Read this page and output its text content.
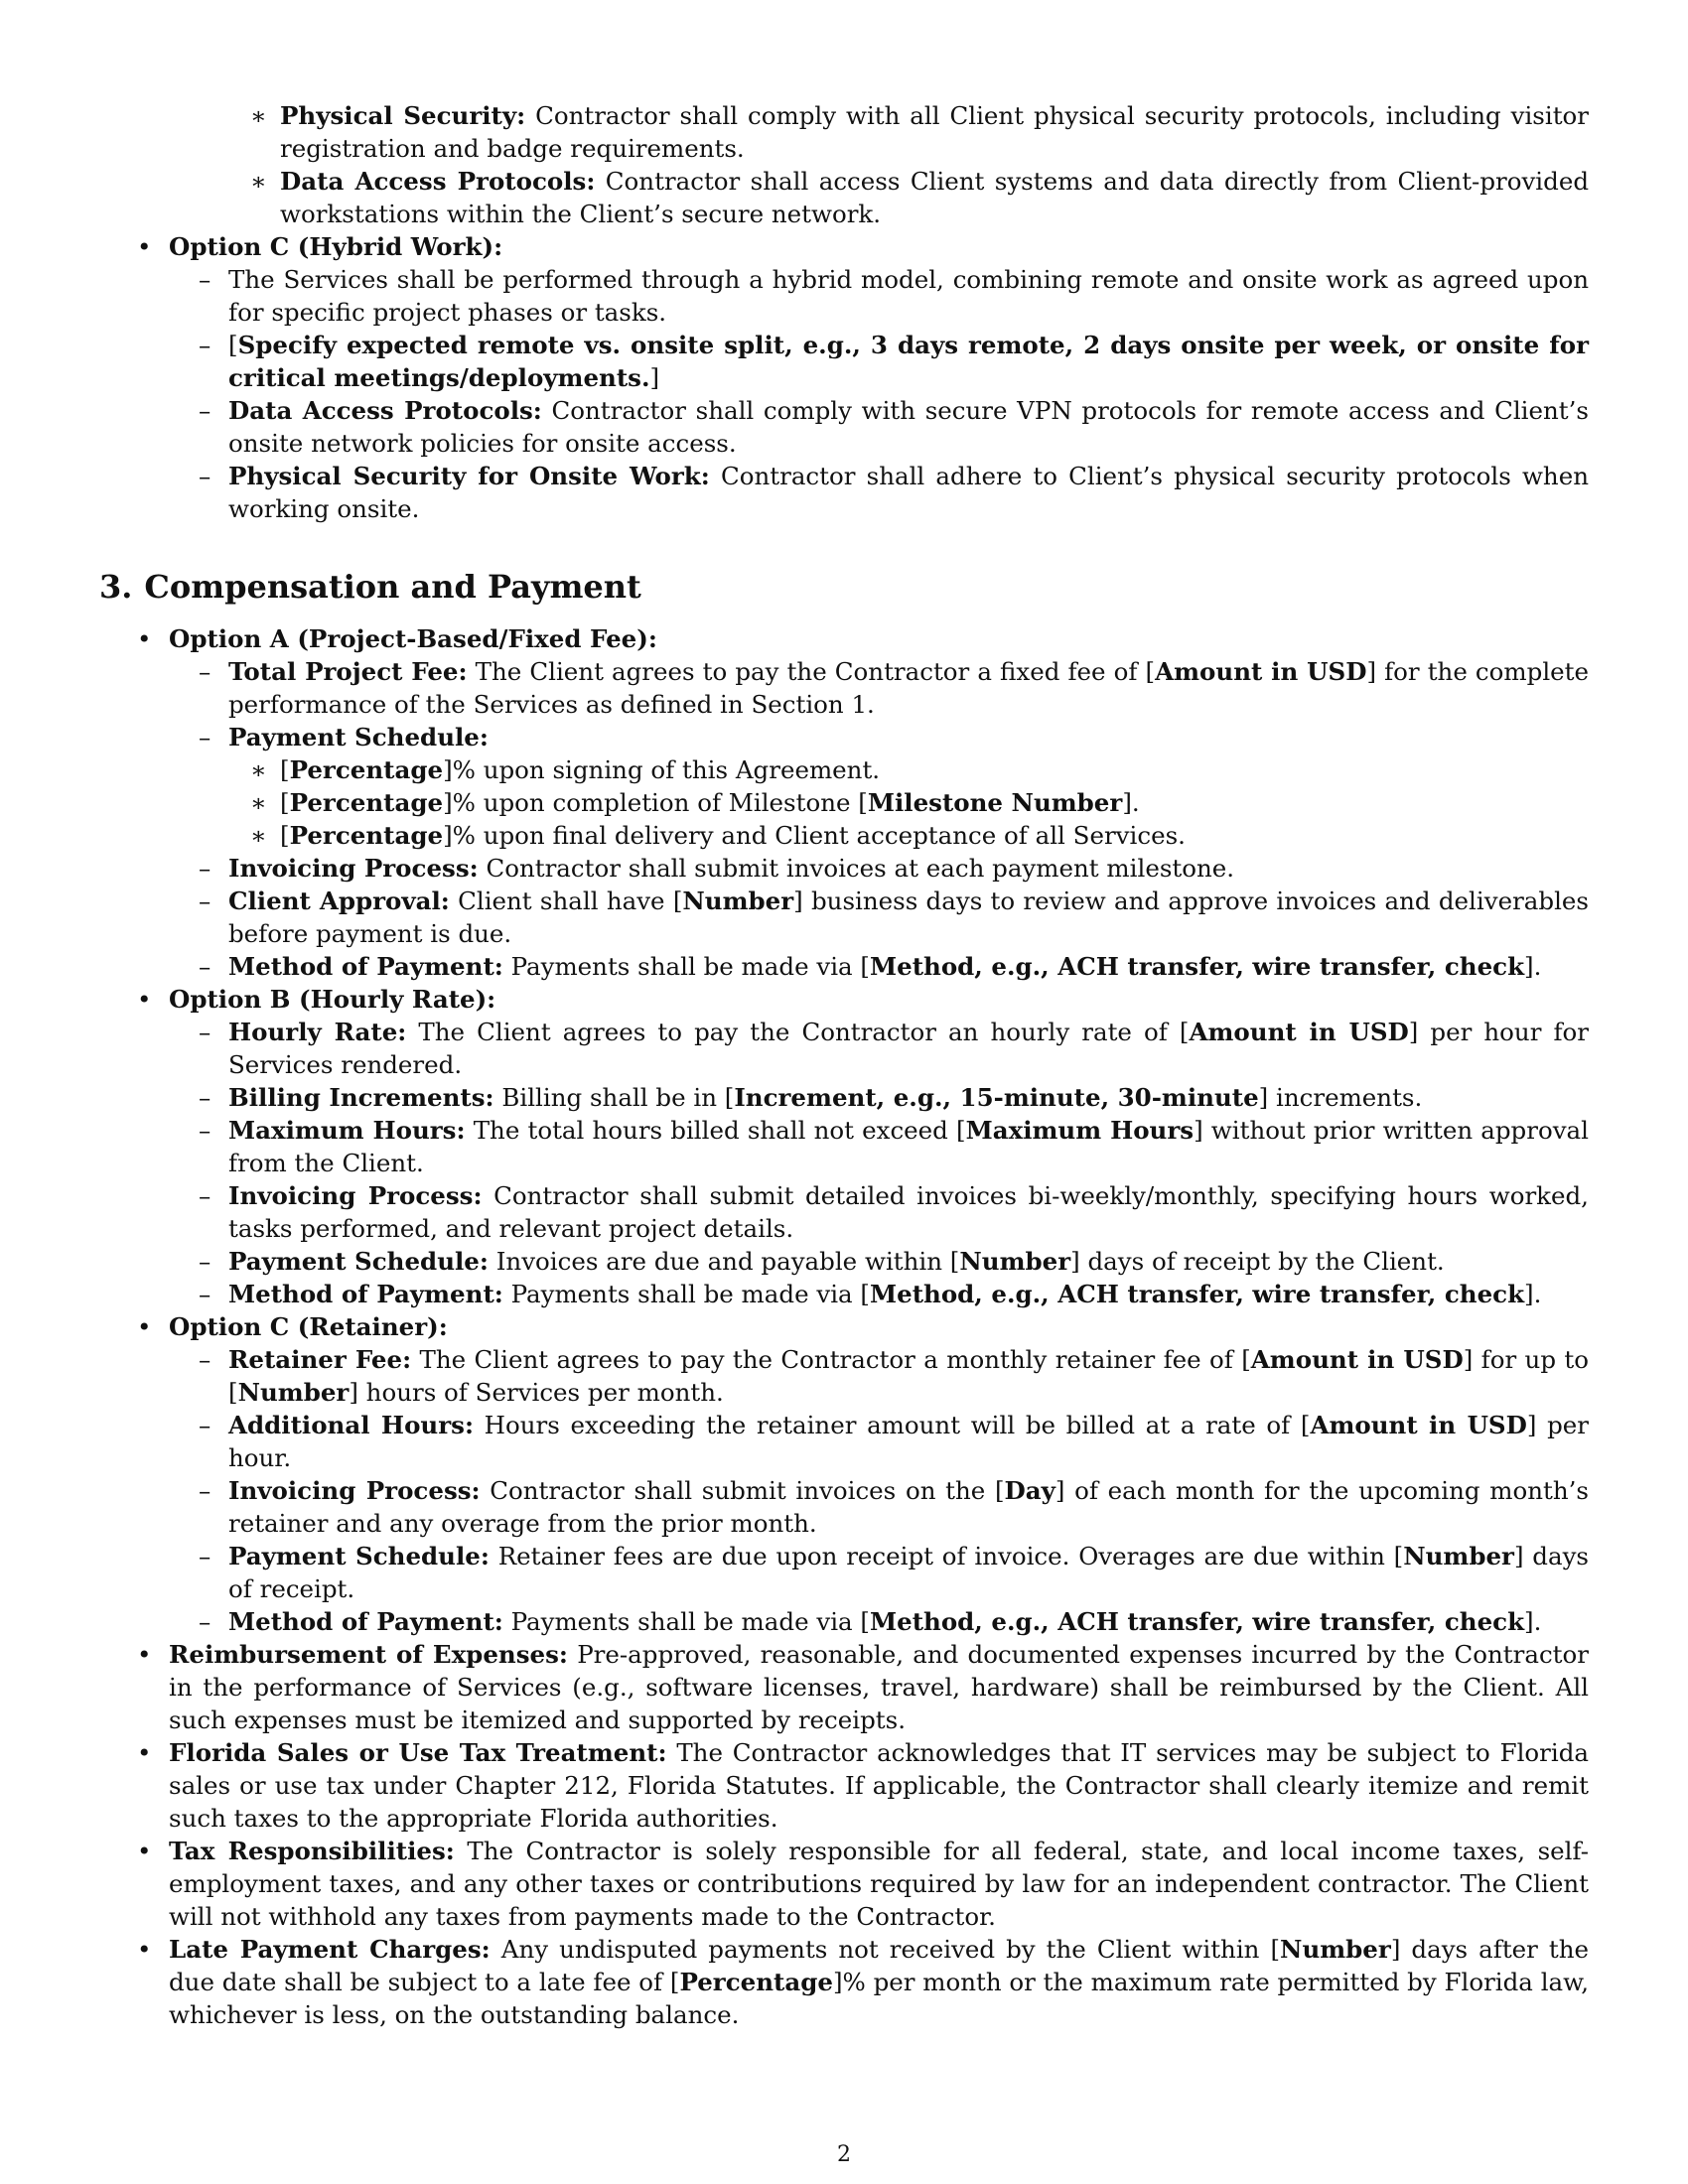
∗ Physical Security: Contractor shall comply with all Client physical security protocols, including visitor registration and badge requirements.
∗ Data Access Protocols: Contractor shall access Client systems and data directly from Client-provided workstations within the Client’s secure network.
• Option C (Hybrid Work):
– The Services shall be performed through a hybrid model, combining remote and onsite work as agreed upon for specific project phases or tasks.
– [Specify expected remote vs. onsite split, e.g., 3 days remote, 2 days onsite per week, or onsite for critical meetings/deployments.]
– Data Access Protocols: Contractor shall comply with secure VPN protocols for remote access and Client’s onsite network policies for onsite access.
– Physical Security for Onsite Work: Contractor shall adhere to Client’s physical security protocols when working onsite.
3. Compensation and Payment
• Option A (Project-Based/Fixed Fee):
– Total Project Fee: The Client agrees to pay the Contractor a fixed fee of [Amount in USD] for the complete performance of the Services as defined in Section 1.
– Payment Schedule:
∗ [Percentage]% upon signing of this Agreement.
∗ [Percentage]% upon completion of Milestone [Milestone Number].
∗ [Percentage]% upon final delivery and Client acceptance of all Services.
– Invoicing Process: Contractor shall submit invoices at each payment milestone.
– Client Approval: Client shall have [Number] business days to review and approve invoices and deliverables before payment is due.
– Method of Payment: Payments shall be made via [Method, e.g., ACH transfer, wire transfer, check].
• Option B (Hourly Rate):
– Hourly Rate: The Client agrees to pay the Contractor an hourly rate of [Amount in USD] per hour for Services rendered.
– Billing Increments: Billing shall be in [Increment, e.g., 15-minute, 30-minute] increments.
– Maximum Hours: The total hours billed shall not exceed [Maximum Hours] without prior written approval from the Client.
– Invoicing Process: Contractor shall submit detailed invoices bi-weekly/monthly, specifying hours worked, tasks performed, and relevant project details.
– Payment Schedule: Invoices are due and payable within [Number] days of receipt by the Client.
– Method of Payment: Payments shall be made via [Method, e.g., ACH transfer, wire transfer, check].
• Option C (Retainer):
– Retainer Fee: The Client agrees to pay the Contractor a monthly retainer fee of [Amount in USD] for up to [Number] hours of Services per month.
– Additional Hours: Hours exceeding the retainer amount will be billed at a rate of [Amount in USD] per hour.
– Invoicing Process: Contractor shall submit invoices on the [Day] of each month for the upcoming month’s retainer and any overage from the prior month.
– Payment Schedule: Retainer fees are due upon receipt of invoice. Overages are due within [Number] days of receipt.
– Method of Payment: Payments shall be made via [Method, e.g., ACH transfer, wire transfer, check].
• Reimbursement of Expenses: Pre-approved, reasonable, and documented expenses incurred by the Contractor in the performance of Services (e.g., software licenses, travel, hardware) shall be reimbursed by the Client. All such expenses must be itemized and supported by receipts.
• Florida Sales or Use Tax Treatment: The Contractor acknowledges that IT services may be subject to Florida sales or use tax under Chapter 212, Florida Statutes. If applicable, the Contractor shall clearly itemize and remit such taxes to the appropriate Florida authorities.
• Tax Responsibilities: The Contractor is solely responsible for all federal, state, and local income taxes, self-employment taxes, and any other taxes or contributions required by law for an independent contractor. The Client will not withhold any taxes from payments made to the Contractor.
• Late Payment Charges: Any undisputed payments not received by the Client within [Number] days after the due date shall be subject to a late fee of [Percentage]% per month or the maximum rate permitted by Florida law, whichever is less, on the outstanding balance.
2
